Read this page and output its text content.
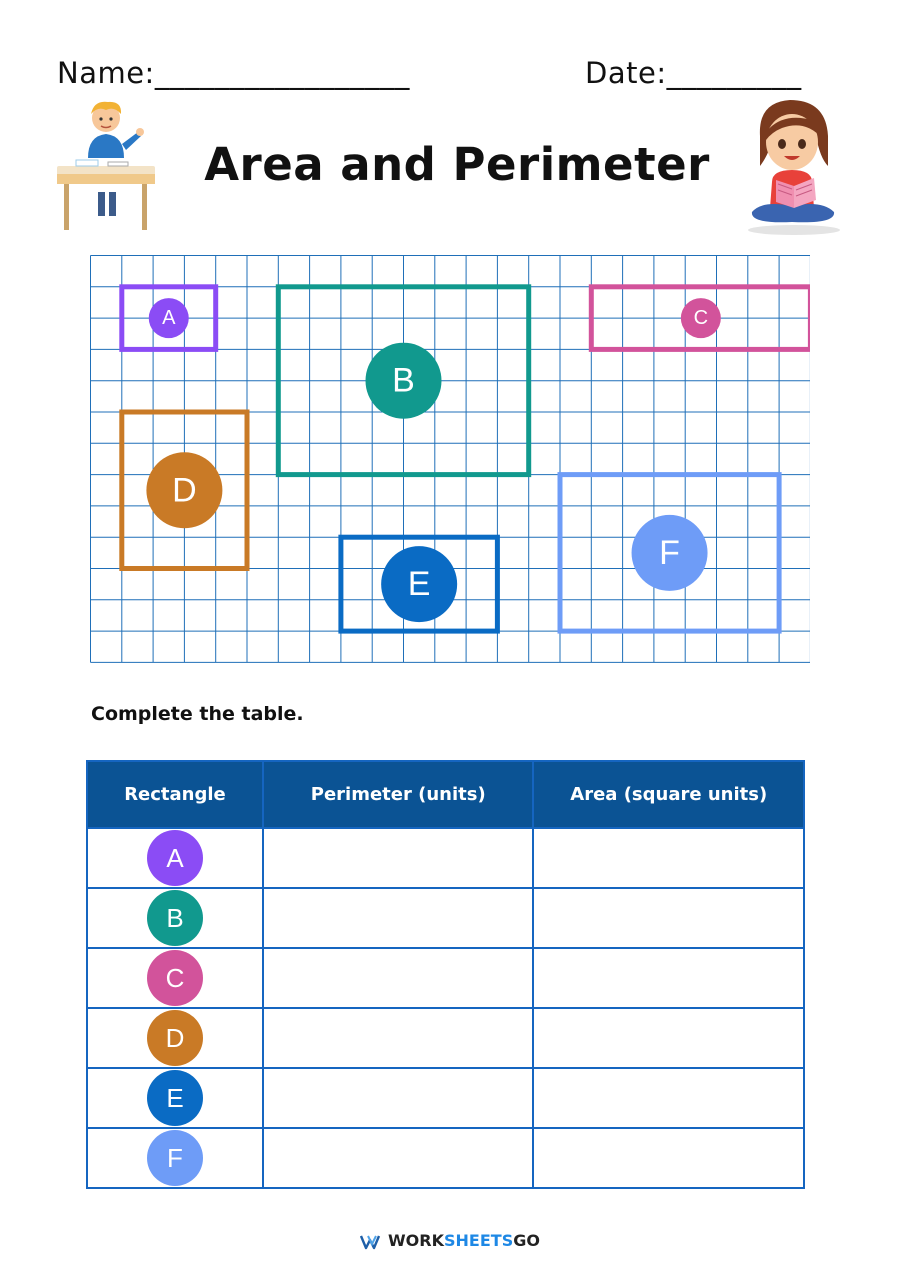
Name:_________________	Date:_________
Area and Perimeter
A
B
C
D
E
F
Complete the table.
Rectangle	Perimeter (units)	Area (square units)
A		
B		
C		
D		
E		
F		
WORKSHEETSGO
